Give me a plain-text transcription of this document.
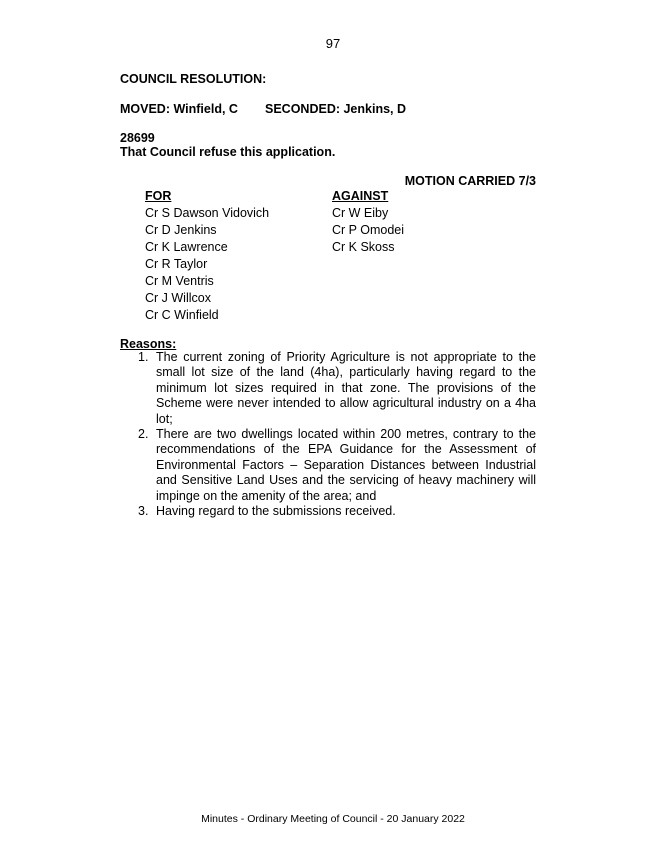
97
COUNCIL RESOLUTION:
MOVED: Winfield, C SECONDED: Jenkins, D
28699
That Council refuse this application.
MOTION CARRIED 7/3
FOR
Cr S Dawson Vidovich
Cr D Jenkins
Cr K Lawrence
Cr R Taylor
Cr M Ventris
Cr J Willcox
Cr C Winfield
AGAINST
Cr W Eiby
Cr P Omodei
Cr K Skoss
Reasons:
1. The current zoning of Priority Agriculture is not appropriate to the small lot size of the land (4ha), particularly having regard to the minimum lot sizes required in that zone. The provisions of the Scheme were never intended to allow agricultural industry on a 4ha lot;
2. There are two dwellings located within 200 metres, contrary to the recommendations of the EPA Guidance for the Assessment of Environmental Factors – Separation Distances between Industrial and Sensitive Land Uses and the servicing of heavy machinery will impinge on the amenity of the area; and
3. Having regard to the submissions received.
Minutes - Ordinary Meeting of Council - 20 January 2022
